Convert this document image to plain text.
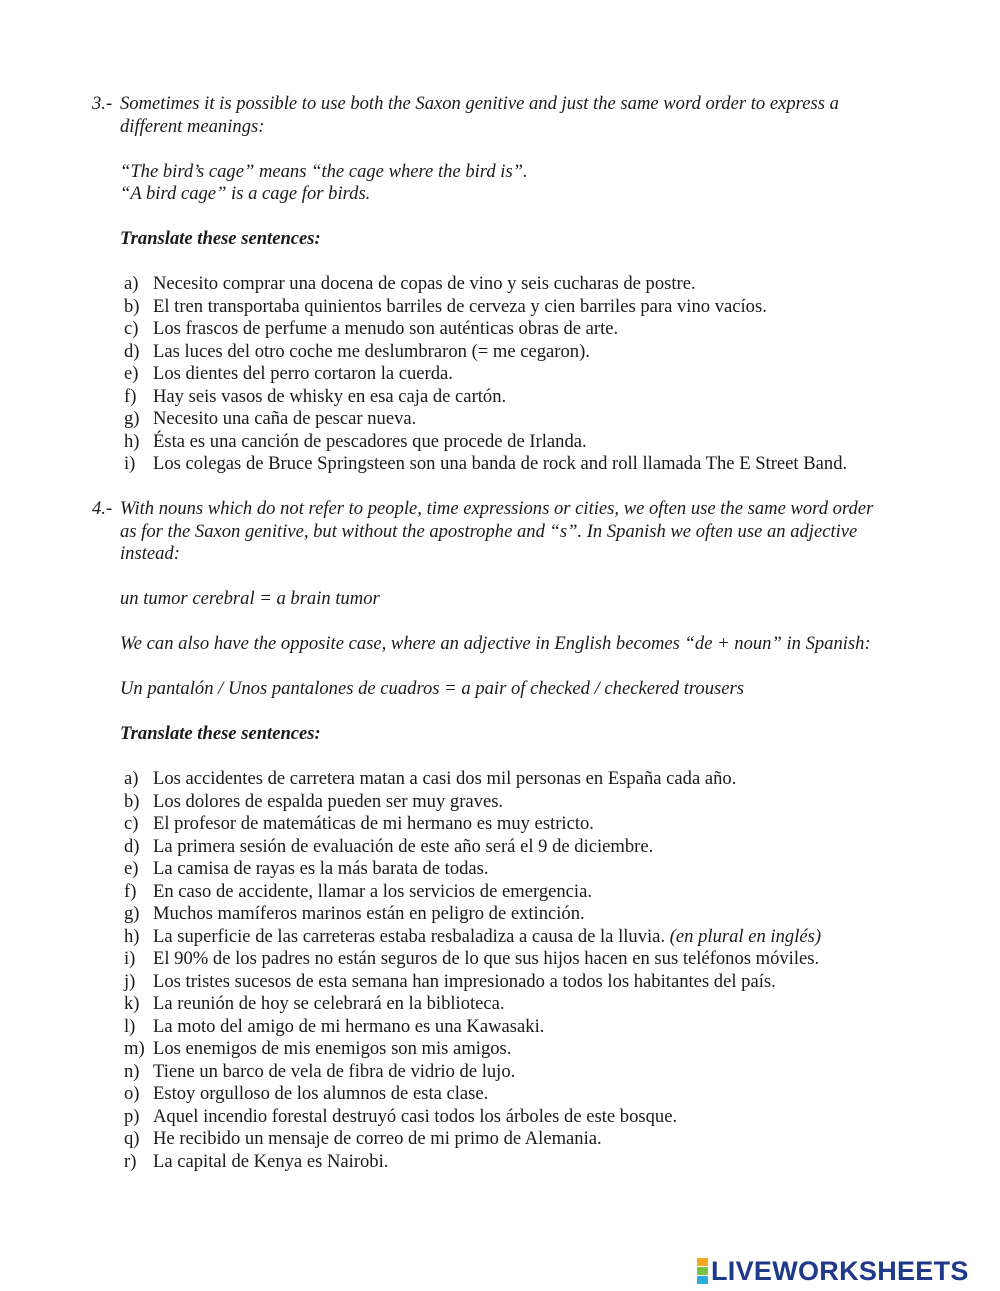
3.- Sometimes it is possible to use both the Saxon genitive and just the same word order to express a different meanings:

“The bird’s cage” means “the cage where the bird is”.

“A bird cage” is a cage for birds.

Translate these sentences:

a) Necesito comprar una docena de copas de vino y seis cucharas de postre.
b) El tren transportaba quinientos barriles de cerveza y cien barriles para vino vacíos.
c) Los frascos de perfume a menudo son auténticas obras de arte.
d) Las luces del otro coche me deslumbraron (= me cegaron).
e) Los dientes del perro cortaron la cuerda.
f) Hay seis vasos de whisky en esa caja de cartón.
g) Necesito una caña de pescar nueva.
h) Ésta es una canción de pescadores que procede de Irlanda.
i) Los colegas de Bruce Springsteen son una banda de rock and roll llamada The E Street Band.
4.- With nouns which do not refer to people, time expressions or cities, we often use the same word order as for the Saxon genitive, but without the apostrophe and “s”. In Spanish we often use an adjective instead:

un tumor cerebral = a brain tumor

We can also have the opposite case, where an adjective in English becomes “de + noun” in Spanish:

Un pantalón / Unos pantalones de cuadros = a pair of checked / checkered trousers

Translate these sentences:

a) Los accidentes de carretera matan a casi dos mil personas en España cada año.
b) Los dolores de espalda pueden ser muy graves.
c) El profesor de matemáticas de mi hermano es muy estricto.
d) La primera sesión de evaluación de este año será el 9 de diciembre.
e) La camisa de rayas es la más barata de todas.
f) En caso de accidente, llamar a los servicios de emergencia.
g) Muchos mamíferos marinos están en peligro de extinción.
h) La superficie de las carreteras estaba resbaladiza a causa de la lluvia. (en plural en inglés)
i) El 90% de los padres no están seguros de lo que sus hijos hacen en sus teléfonos móviles.
j) Los tristes sucesos de esta semana han impresionado a todos los habitantes del país.
k) La reunión de hoy se celebrará en la biblioteca.
l) La moto del amigo de mi hermano es una Kawasaki.
m) Los enemigos de mis enemigos son mis amigos.
n) Tiene un barco de vela de fibra de vidrio de lujo.
o) Estoy orgulloso de los alumnos de esta clase.
p) Aquel incendio forestal destruyó casi todos los árboles de este bosque.
q) He recibido un mensaje de correo de mi primo de Alemania.
r) La capital de Kenya es Nairobi.
LIVEWORKSHEETS
